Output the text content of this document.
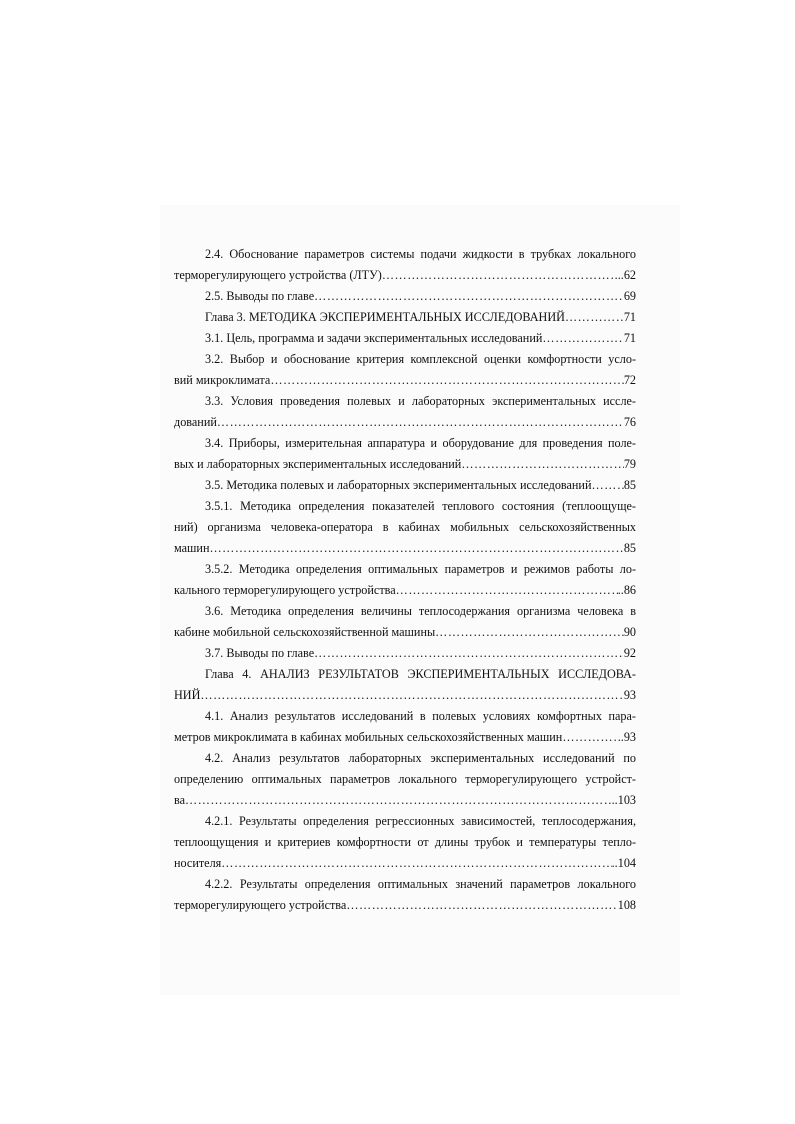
2.4. Обоснование параметров системы подачи жидкости в трубках локального
терморегулирующего устройства (ЛТУ) ……………………………………………………………………………………………………………………………………………………………………………………	...62
2.5. Выводы по главе ……………………………………………………………………………………………………………………………………………………………………………………	69
Глава 3. МЕТОДИКА ЭКСПЕРИМЕНТАЛЬНЫХ ИССЛЕДОВАНИЙ ……………………………………………………………………………………………………………………………………………………………………………………	71
3.1. Цель, программа и задачи экспериментальных исследований ……………………………………………………………………………………………………………………………………………………………………………………	71
3.2. Выбор и обоснование критерия комплексной оценки комфортности усло-
вий микроклимата ……………………………………………………………………………………………………………………………………………………………………………………	72
3.3. Условия проведения полевых и лабораторных экспериментальных иссле-
дований ……………………………………………………………………………………………………………………………………………………………………………………	76
3.4. Приборы, измерительная аппаратура и оборудование для проведения поле-
вых и лабораторных экспериментальных исследований ……………………………………………………………………………………………………………………………………………………………………………………	79
3.5. Методика полевых и лабораторных экспериментальных исследований ……………………………………………………………………………………………………………………………………………………………………………………	85
3.5.1. Методика определения показателей теплового состояния (теплоощуще-
ний) организма человека-оператора в кабинах мобильных сельскохозяйственных
машин ……………………………………………………………………………………………………………………………………………………………………………………	85
3.5.2. Методика определения оптимальных параметров и режимов работы ло-
кального терморегулирующего устройства ……………………………………………………………………………………………………………………………………………………………………………………	..86
3.6. Методика определения величины теплосодержания организма человека в
кабине мобильной сельскохозяйственной машины ……………………………………………………………………………………………………………………………………………………………………………………	90
3.7. Выводы по главе ……………………………………………………………………………………………………………………………………………………………………………………	92
Глава 4. АНАЛИЗ РЕЗУЛЬТАТОВ ЭКСПЕРИМЕНТАЛЬНЫХ ИССЛЕДОВА-
НИЙ ……………………………………………………………………………………………………………………………………………………………………………………	93
4.1. Анализ результатов исследований в полевых условиях комфортных пара-
метров микроклимата в кабинах мобильных сельскохозяйственных машин ……………………………………………………………………………………………………………………………………………………………………………………	..93
4.2. Анализ результатов лабораторных экспериментальных исследований по
определению оптимальных параметров локального терморегулирующего устройст-
ва ……………………………………………………………………………………………………………………………………………………………………………………	..103
4.2.1. Результаты определения регрессионных зависимостей, теплосодержания,
теплоощущения и критериев комфортности от длины трубок и температуры тепло-
носителя ……………………………………………………………………………………………………………………………………………………………………………………	..104
4.2.2. Результаты определения оптимальных значений параметров локального
терморегулирующего устройства ……………………………………………………………………………………………………………………………………………………………………………………	108
